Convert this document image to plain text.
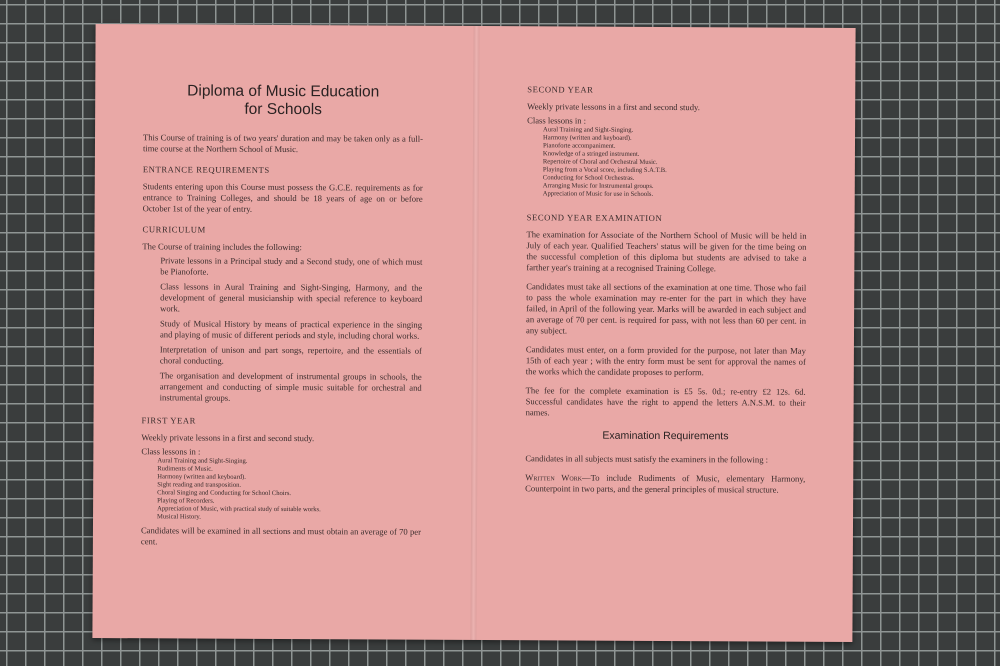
Diploma of Music Education
for Schools

This Course of training is of two years' duration and may be taken only as a full-time course at the Northern School of Music.

ENTRANCE REQUIREMENTS

Students entering upon this Course must possess the G.C.E. requirements as for entrance to Training Colleges, and should be 18 years of age on or before October 1st of the year of entry.

CURRICULUM

The Course of training includes the following:

Private lessons in a Principal study and a Second study, one of which must be Pianoforte.
Class lessons in Aural Training and Sight-Singing, Harmony, and the development of general musicianship with special reference to keyboard work.
Study of Musical History by means of practical experience in the singing and playing of music of different periods and style, including choral works.
Interpretation of unison and part songs, repertoire, and the essentials of choral conducting.
The organisation and development of instrumental groups in schools, the arrangement and conducting of simple music suitable for orchestral and instrumental groups.
FIRST YEAR

Weekly private lessons in a first and second study.

Class lessons in :
Aural Training and Sight-Singing.
Rudiments of Music.
Harmony (written and keyboard).
Sight reading and transposition.
Choral Singing and Conducting for School Choirs.
Playing of Recorders.
Appreciation of Music, with practical study of suitable works.
Musical History.

Candidates will be examined in all sections and must obtain an average of 70 per cent.

SECOND YEAR

Weekly private lessons in a first and second study.

Class lessons in :
Aural Training and Sight-Singing.
Harmony (written and keyboard).
Pianoforte accompaniment.
Knowledge of a stringed instrument.
Repertoire of Choral and Orchestral Music.
Playing from a Vocal score, including S.A.T.B.
Conducting for School Orchestras.
Arranging Music for Instrumental groups.
Appreciation of Music for use in Schools.
SECOND YEAR EXAMINATION

The examination for Associate of the Northern School of Music will be held in July of each year. Qualified Teachers' status will be given for the time being on the successful completion of this diploma but students are advised to take a farther year's training at a recognised Training College.

Candidates must take all sections of the examination at one time. Those who fail to pass the whole examination may re-enter for the part in which they have failed, in April of the following year. Marks will be awarded in each subject and an average of 70 per cent. is required for pass, with not less than 60 per cent. in any subject.

Candidates must enter, on a form provided for the purpose, not later than May 15th of each year ; with the entry form must be sent for approval the names of the works which the candidate proposes to perform.

The fee for the complete examination is £5 5s. 0d.; re-entry £2 12s. 6d. Successful candidates have the right to append the letters A.N.S.M. to their names.

Examination Requirements

Candidates in all subjects must satisfy the examiners in the following :

Written Work—To include Rudiments of Music, elementary Harmony, Counterpoint in two parts, and the general principles of musical structure.
